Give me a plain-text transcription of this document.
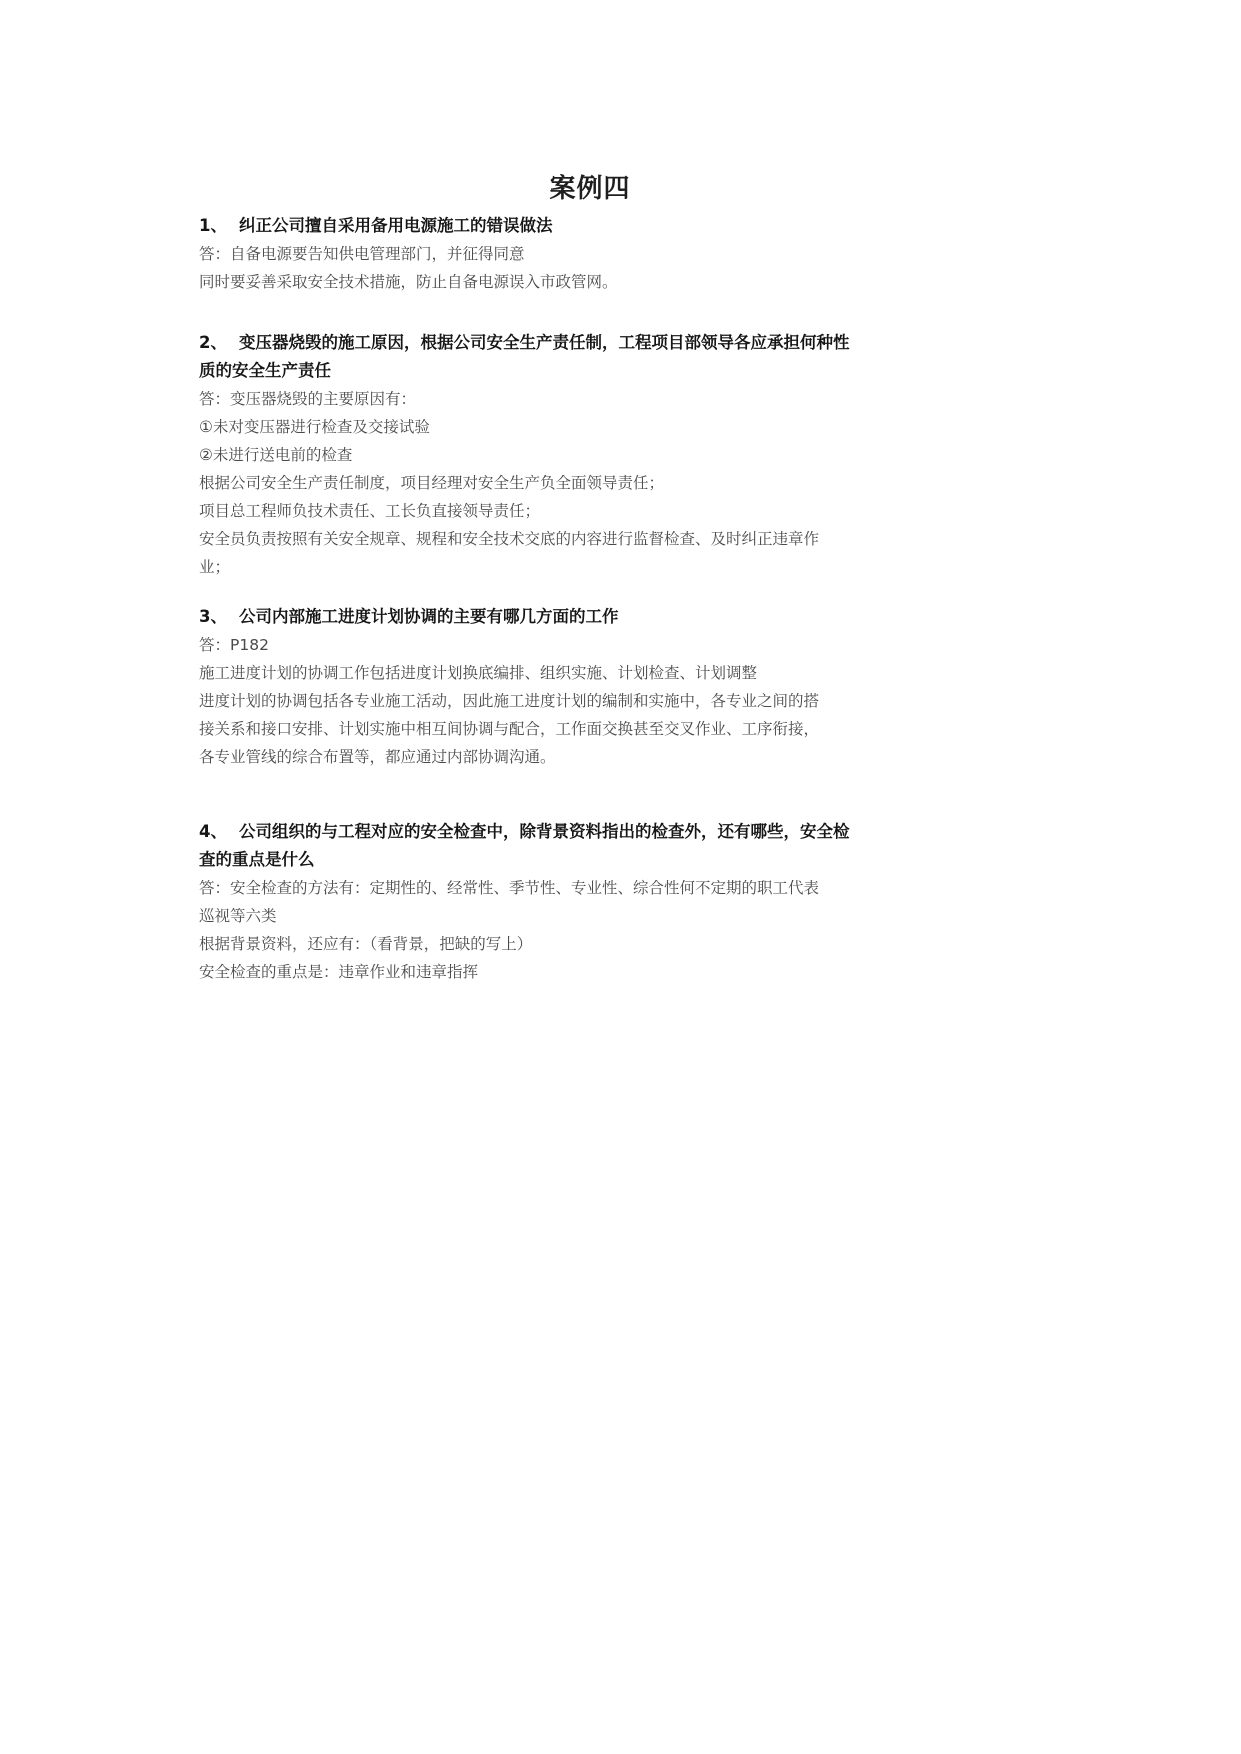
案例四
1、 纠正公司擅自采用备用电源施工的错误做法
答：自备电源要告知供电管理部门，并征得同意
同时要妥善采取安全技术措施，防止自备电源误入市政管网。
2、 变压器烧毁的施工原因，根据公司安全生产责任制，工程项目部领导各应承担何种性
质的安全生产责任
答：变压器烧毁的主要原因有：
①未对变压器进行检查及交接试验
②未进行送电前的检查
根据公司安全生产责任制度，项目经理对安全生产负全面领导责任；
项目总工程师负技术责任、工长负直接领导责任；
安全员负责按照有关安全规章、规程和安全技术交底的内容进行监督检查、及时纠正违章作
业；
3、 公司内部施工进度计划协调的主要有哪几方面的工作
答：P182
施工进度计划的协调工作包括进度计划换底编排、组织实施、计划检查、计划调整
进度计划的协调包括各专业施工活动，因此施工进度计划的编制和实施中，各专业之间的搭
接关系和接口安排、计划实施中相互间协调与配合，工作面交换甚至交叉作业、工序衔接，
各专业管线的综合布置等，都应通过内部协调沟通。
4、 公司组织的与工程对应的安全检查中，除背景资料指出的检查外，还有哪些，安全检
查的重点是什么
答：安全检查的方法有：定期性的、经常性、季节性、专业性、综合性何不定期的职工代表
巡视等六类
根据背景资料，还应有：（看背景，把缺的写上）
安全检查的重点是：违章作业和违章指挥
